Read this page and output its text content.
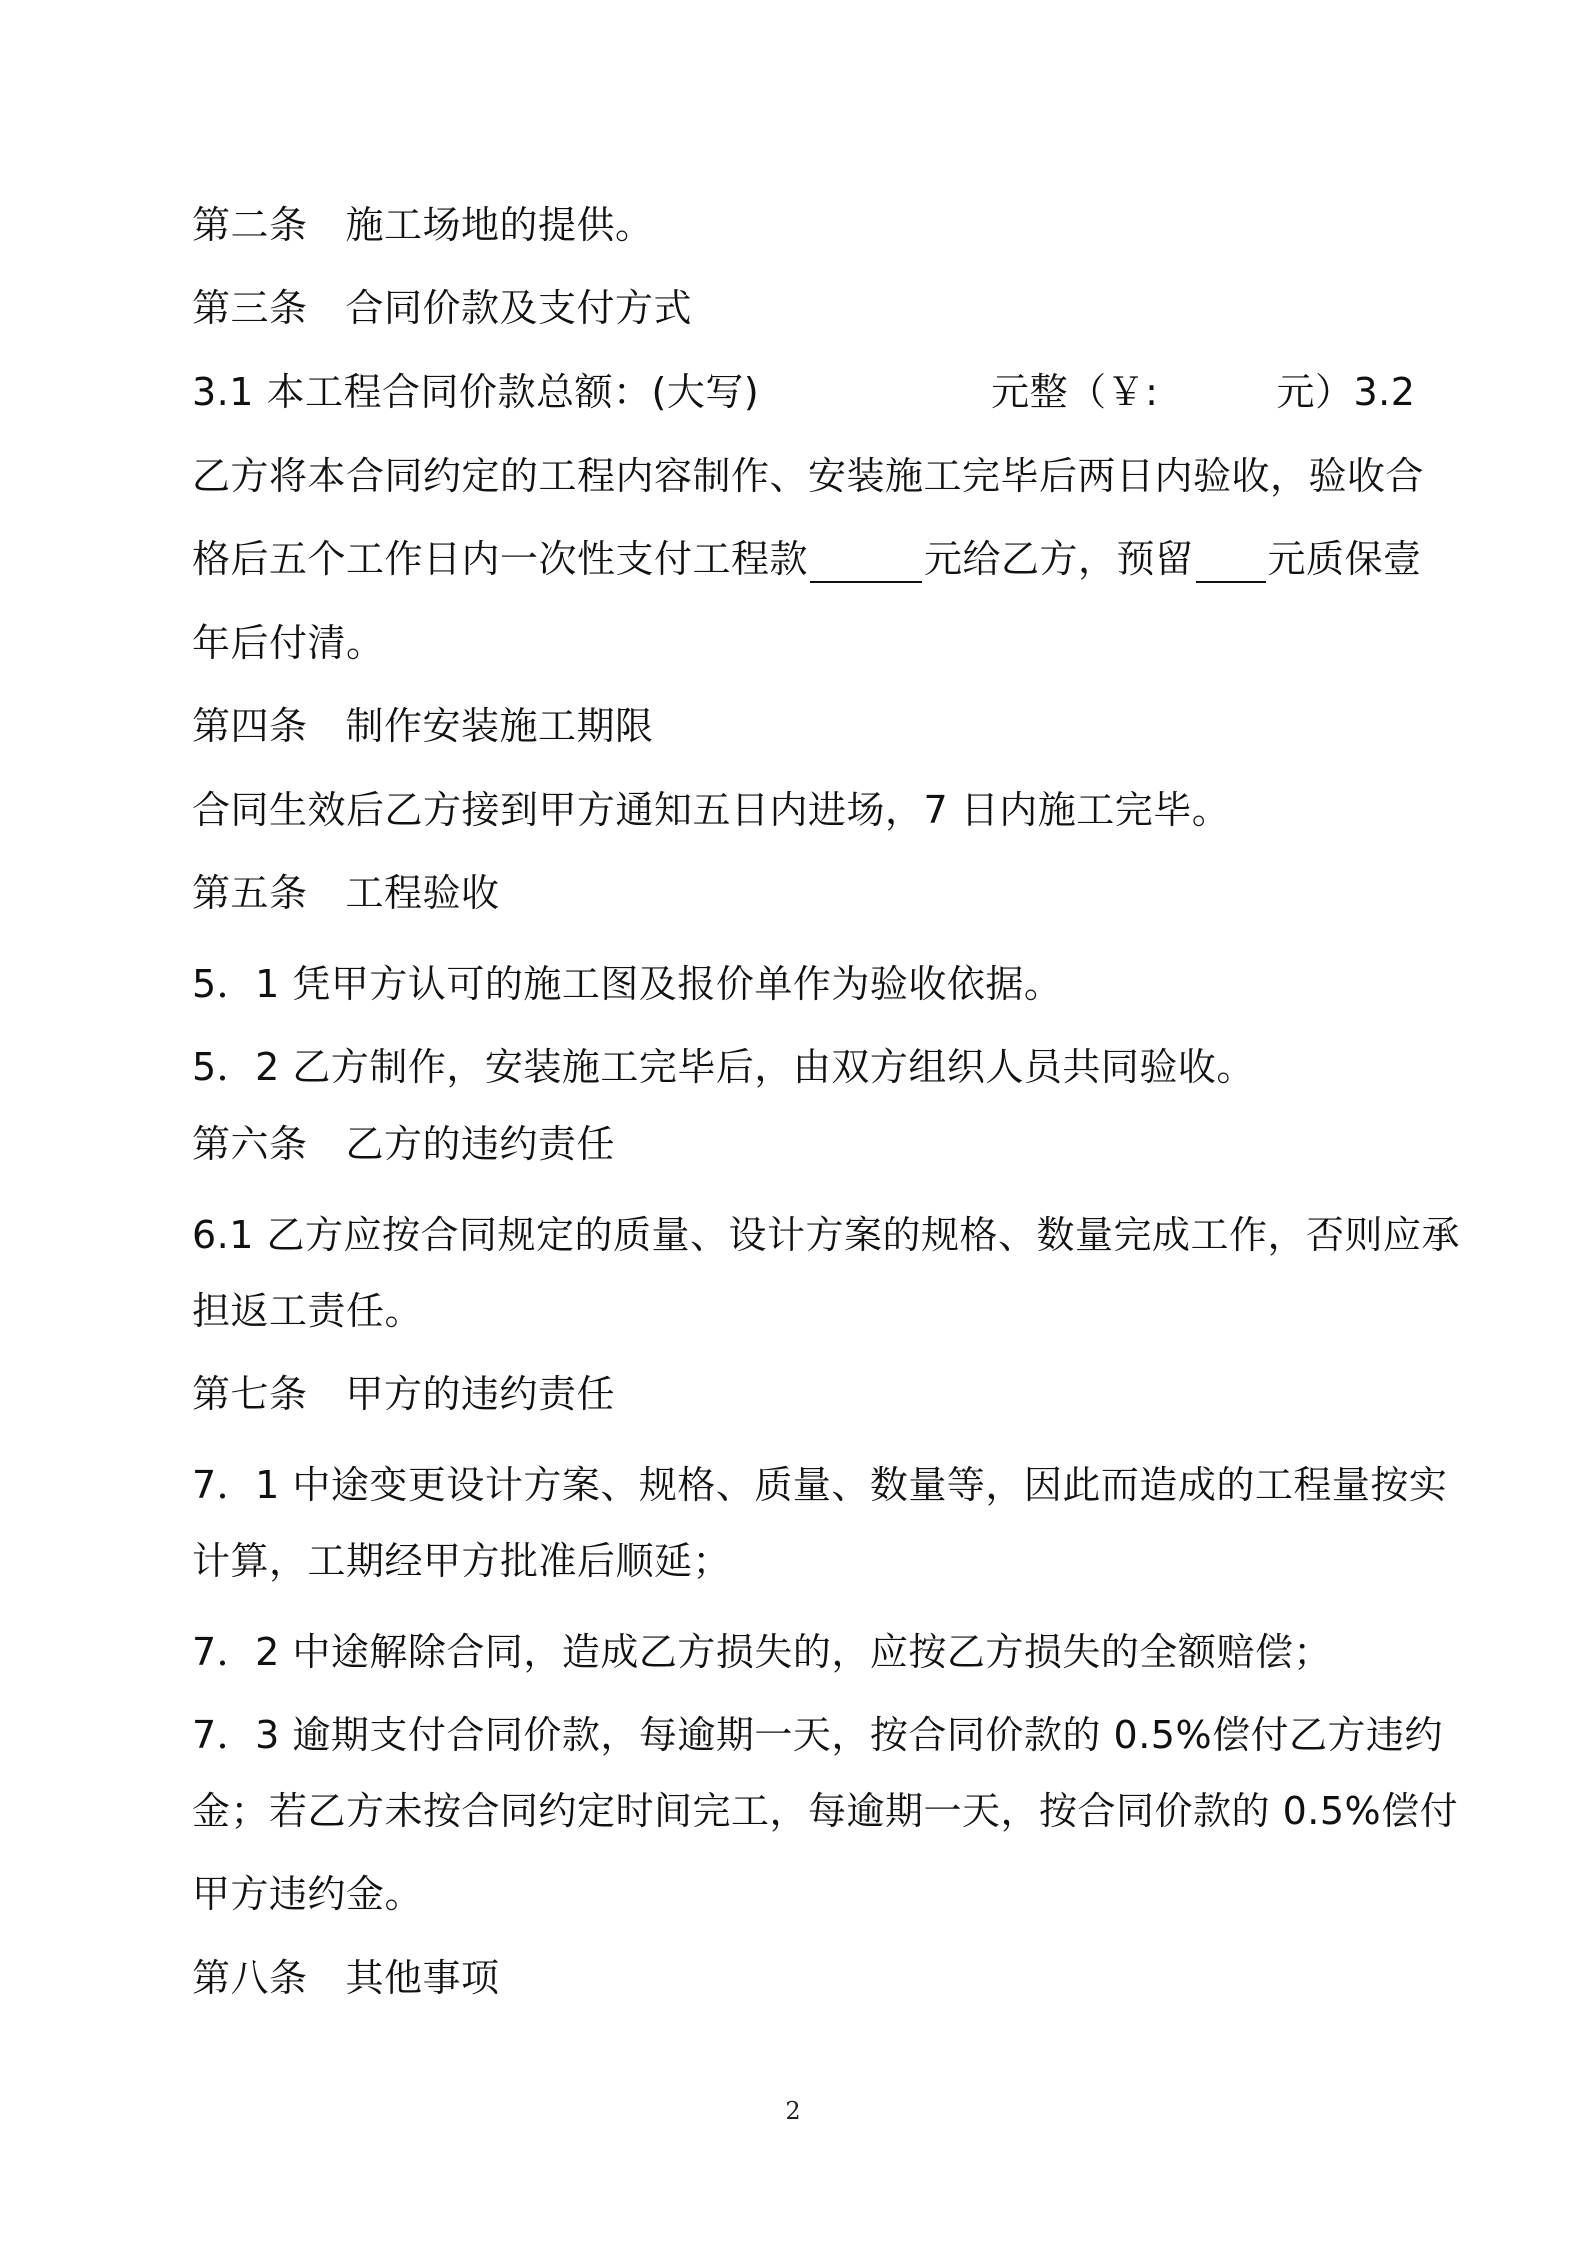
第二条 施工场地的提供。
第三条 合同价款及支付方式
3.1 本工程合同价款总额：(大写)	元整（￥:	元）3.2
乙方将本合同约定的工程内容制作、安装施工完毕后两日内验收，验收合
格后五个工作日内一次性支付工程款	元给乙方，预留 元质保壹
年后付清。
第四条 制作安装施工期限
合同生效后乙方接到甲方通知五日内进场，7 日内施工完毕。
第五条 工程验收
5．1 凭甲方认可的施工图及报价单作为验收依据。
5．2 乙方制作，安装施工完毕后，由双方组织人员共同验收。
第六条 乙方的违约责任
6.1 乙方应按合同规定的质量、设计方案的规格、数量完成工作，否则应承
担返工责任。
第七条 甲方的违约责任
7．1 中途变更设计方案、规格、质量、数量等，因此而造成的工程量按实
计算，工期经甲方批准后顺延；
7．2 中途解除合同，造成乙方损失的，应按乙方损失的全额赔偿；
7．3 逾期支付合同价款，每逾期一天，按合同价款的 0.5%偿付乙方违约
金；若乙方未按合同约定时间完工，每逾期一天，按合同价款的 0.5%偿付
甲方违约金。
第八条 其他事项
2
